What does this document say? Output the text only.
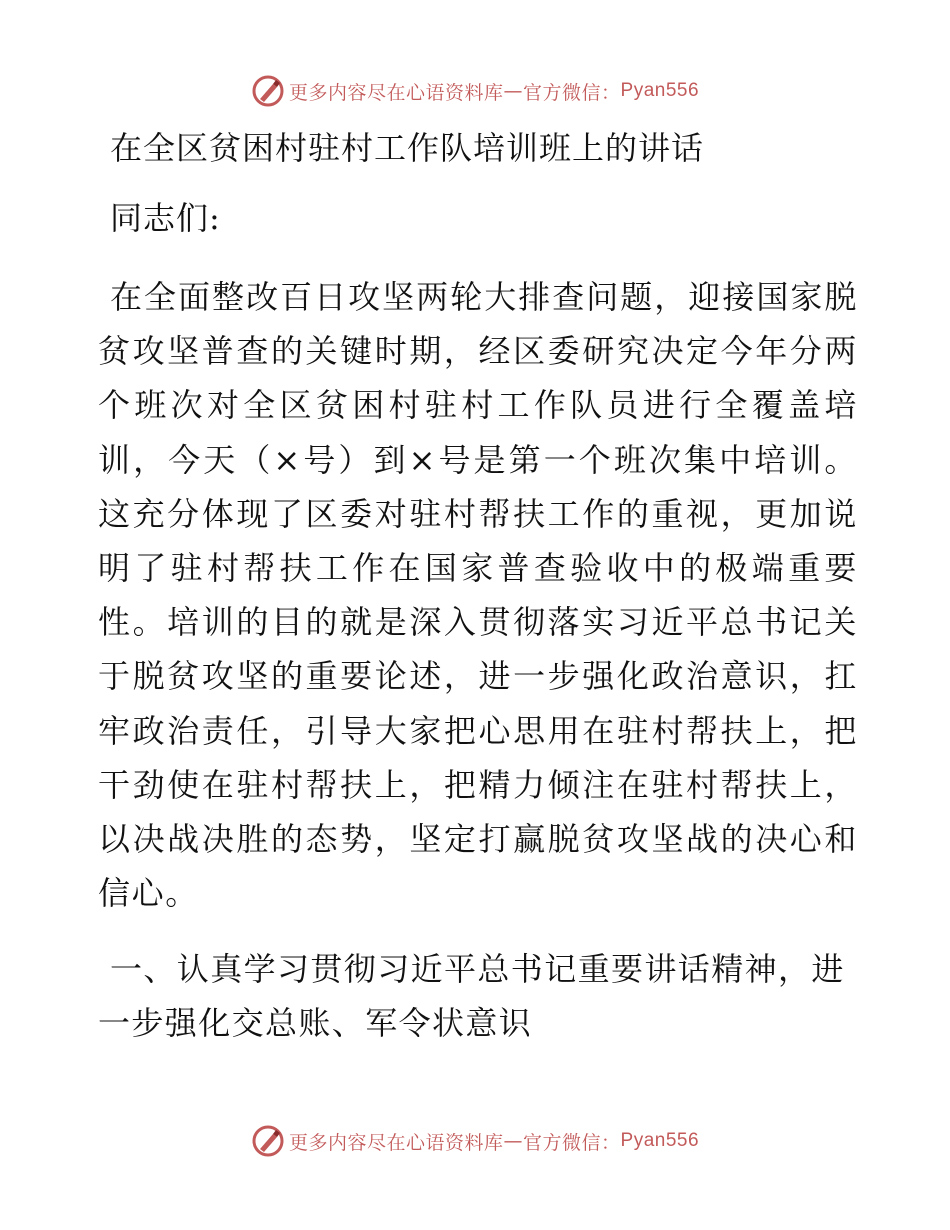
更多内容尽在心语资料库 — 官方微信 ： Pyan556
在全区贫困村驻村工作队培训班上的讲话
同志们:
在全面整改百日攻坚两轮大排查问题，迎接国家脱贫攻坚普查的关键时期，经区委研究决定今年分两个班次对全区贫困村驻村工作队员进行全覆盖培训，今天（×号）到×号是第一个班次集中培训。这充分体现了区委对驻村帮扶工作的重视，更加说明了驻村帮扶工作在国家普查验收中的极端重要性。培训的目的就是深入贯彻落实习近平总书记关于脱贫攻坚的重要论述，进一步强化政治意识，扛牢政治责任，引导大家把心思用在驻村帮扶上，把干劲使在驻村帮扶上，把精力倾注在驻村帮扶上，以决战决胜的态势，坚定打赢脱贫攻坚战的决心和信心。
一、认真学习贯彻习近平总书记重要讲话精神，进一步强化交总账、军令状意识
更多内容尽在心语资料库 — 官方微信 ： Pyan556
